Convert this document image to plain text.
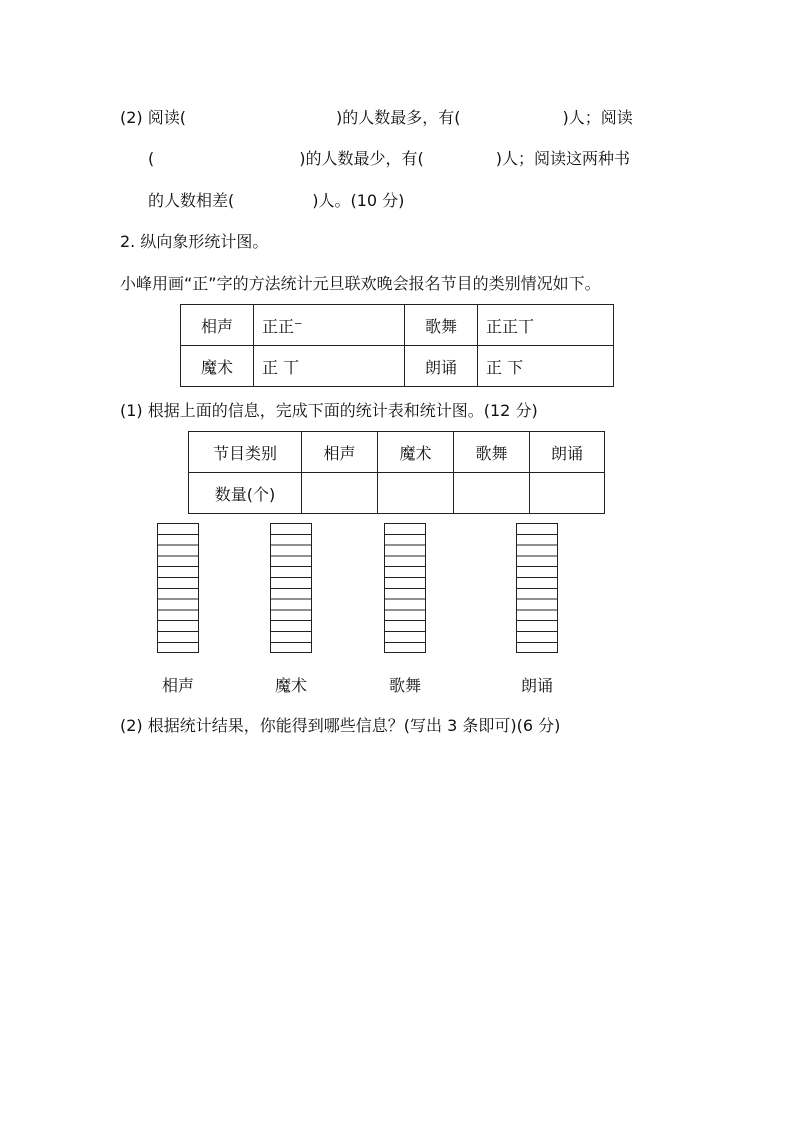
(2) 阅读(	)的人数最多，有(	)人；阅读
(	)的人数最少，有(	)人；阅读这两种书
的人数相差(	)人。(10 分)
2. 纵向象形统计图。
小峰用画“正”字的方法统计元旦联欢晚会报名节目的类别情况如下。
相声	正正⁻	歌舞	正正丅
魔术	正 丅	朗诵	正 下
(1) 根据上面的信息，完成下面的统计表和统计图。(12 分)
节目类别	相声	魔术	歌舞	朗诵
数量(个)				
相声	魔术	歌舞	朗诵
(2) 根据统计结果，你能得到哪些信息？(写出 3 条即可)(6 分)
